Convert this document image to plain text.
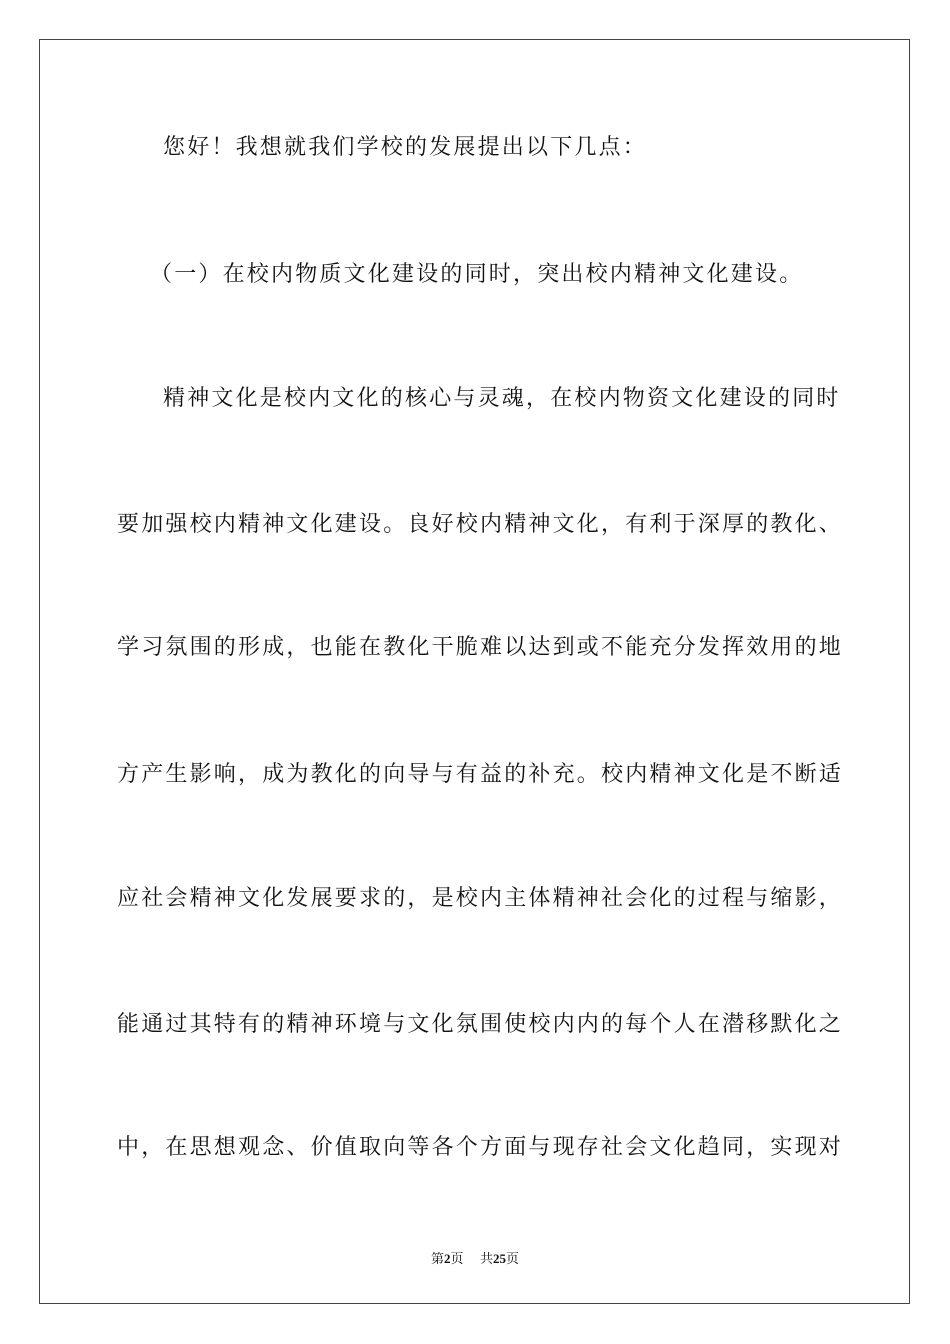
您好！我想就我们学校的发展提出以下几点：
（一）在校内物质文化建设的同时，突出校内精神文化建设。
精神文化是校内文化的核心与灵魂，在校内物资文化建设的同时
要加强校内精神文化建设。良好校内精神文化，有利于深厚的教化、
学习氛围的形成，也能在教化干脆难以达到或不能充分发挥效用的地
方产生影响，成为教化的向导与有益的补充。校内精神文化是不断适
应社会精神文化发展要求的，是校内主体精神社会化的过程与缩影，
能通过其特有的精神环境与文化氛围使校内内的每个人在潜移默化之
中，在思想观念、价值取向等各个方面与现存社会文化趋同，实现对
第2页 共25页
